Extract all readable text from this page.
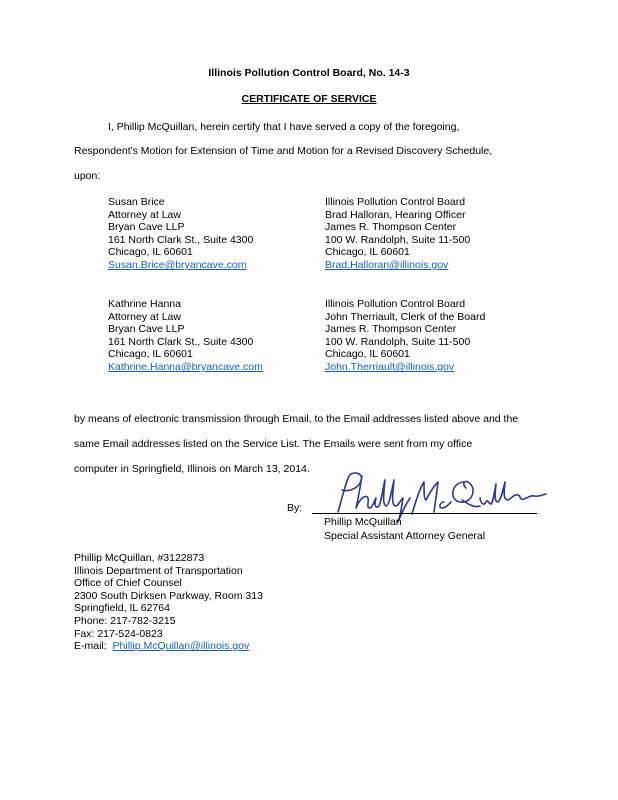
Illinois Pollution Control Board, No. 14-3
CERTIFICATE OF SERVICE
I, Phillip McQuillan, herein certify that I have served a copy of the foregoing,
Respondent's Motion for Extension of Time and Motion for a Revised Discovery Schedule,
upon:
Susan Brice
Attorney at Law
Bryan Cave LLP
161 North Clark St., Suite 4300
Chicago, IL 60601
Susan.Brice@bryancave.com
Illinois Pollution Control Board
Brad Halloran, Hearing Officer
James R. Thompson Center
100 W. Randolph, Suite 11-500
Chicago, IL 60601
Brad.Halloran@illinois.gov
Kathrine Hanna
Attorney at Law
Bryan Cave LLP
161 North Clark St., Suite 4300
Chicago, IL 60601
Kathrine.Hanna@bryancave.com
Illinois Pollution Control Board
John Therriault, Clerk of the Board
James R. Thompson Center
100 W. Randolph, Suite 11-500
Chicago, IL 60601
John.Therriault@illinois.gov
by means of electronic transmission through Email, to the Email addresses listed above and the
same Email addresses listed on the Service List. The Emails were sent from my office
computer in Springfield, Illinois on March 13, 2014.
By:
Phillip McQuillan
Special Assistant Attorney General
Phillip McQuillan, #3122873
Illinois Department of Transportation
Office of Chief Counsel
2300 South Dirksen Parkway, Room 313
Springfield, IL 62764
Phone: 217-782-3215
Fax: 217-524-0823
E-mail: Phillip.McQuillan@illinois.gov
